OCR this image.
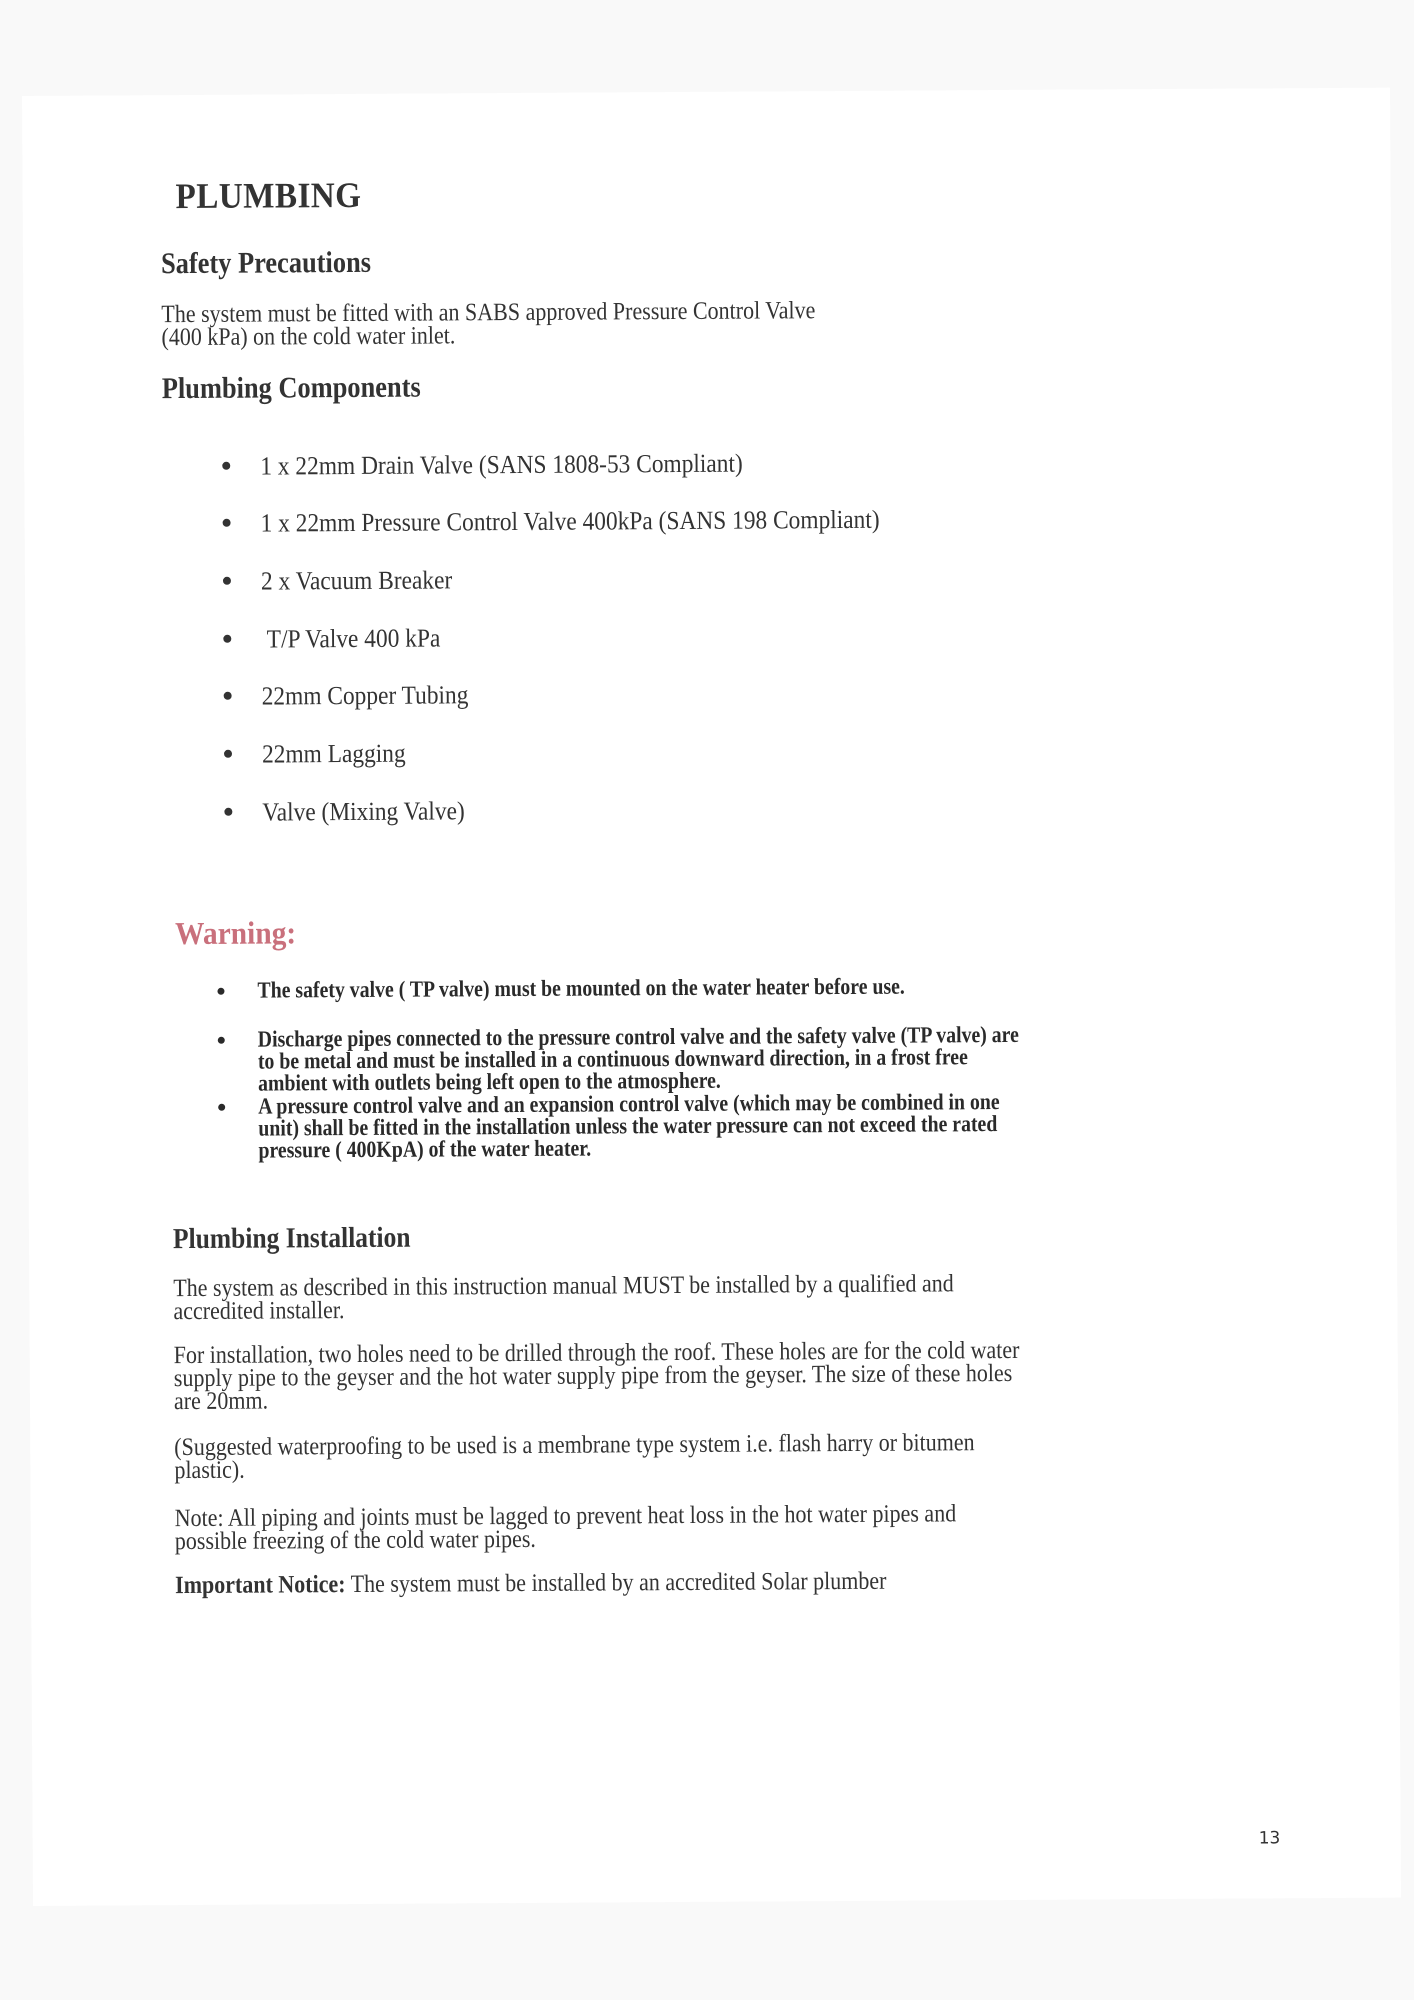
PLUMBING
Safety Precautions
The system must be fitted with an SABS approved Pressure Control Valve
(400 kPa) on the cold water inlet.
Plumbing Components
1 x 22mm Drain Valve (SANS 1808-53 Compliant)
1 x 22mm Pressure Control Valve 400kPa (SANS 198 Compliant)
2 x Vacuum Breaker
T/P Valve 400 kPa
22mm Copper Tubing
22mm Lagging
Valve (Mixing Valve)
Warning:
The safety valve ( TP valve) must be mounted on the water heater before use.
Discharge pipes connected to the pressure control valve and the safety valve (TP valve) are
to be metal and must be installed in a continuous downward direction, in a frost free
ambient with outlets being left open to the atmosphere.
A pressure control valve and an expansion control valve (which may be combined in one
unit) shall be fitted in the installation unless the water pressure can not exceed the rated
pressure ( 400KpA) of the water heater.
Plumbing Installation
The system as described in this instruction manual MUST be installed by a qualified and
accredited installer.
For installation, two holes need to be drilled through the roof. These holes are for the cold water
supply pipe to the geyser and the hot water supply pipe from the geyser. The size of these holes
are 20mm.
(Suggested waterproofing to be used is a membrane type system i.e. flash harry or bitumen
plastic).
Note: All piping and joints must be lagged to prevent heat loss in the hot water pipes and
possible freezing of the cold water pipes.
Important Notice: The system must be installed by an accredited Solar plumber
13
